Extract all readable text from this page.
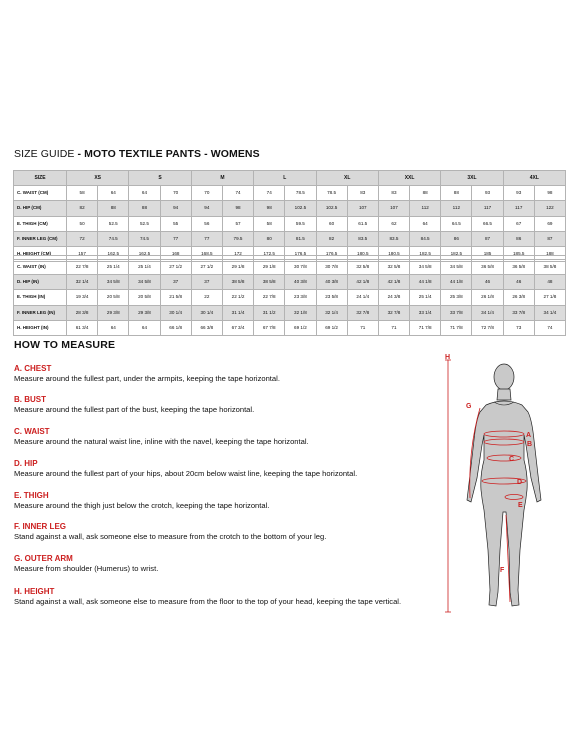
SIZE GUIDE - MOTO TEXTILE PANTS - WOMENS
SIZE	XS		S		M		L		XL		XXL		3XL		4XL	
C. WAIST (CM)	58	64	64	70	70	74	74	78.5	78.5	83	83	88	88	93	93	98
D. HIP (CM)	82	88	88	94	94	98	98	102.5	102.5	107	107	112	112	117	117	122
E. THIGH (CM)	50	52.5	52.5	55	56	57	58	59.5	60	61.5	62	64	64.5	66.5	67	69
F. INNER LEG (CM)	72	74.5	74.5	77	77	79.5	80	81.5	82	83.5	83.5	84.5	86	87	86	87
H. HEIGHT (CM)	157	162.5	162.5	168	168.5	172	172.5	176.5	176.5	180.5	180.5	182.5	182.5	185	185.5	188
C. WAIST (IN)	22 7/8	25 1/4	25 1/4	27 1/2	27 1/2	29 1/8	29 1/8	30 7/8	30 7/8	32 5/8	32 5/8	34 5/8	34 5/8	36 5/8	36 5/8	38 5/8
D. HIP (IN)	32 1/4	34 5/8	34 5/8	37	37	38 5/8	38 5/8	40 3/8	40 3/8	42 1/8	42 1/8	44 1/8	44 1/8	46	46	48
E. THIGH (IN)	19 3/4	20 5/8	20 5/8	21 5/8	22	22 1/2	22 7/8	23 3/8	23 5/8	24 1/4	24 3/8	25 1/4	25 3/8	26 1/8	26 3/8	27 1/8
F. INNER LEG (IN)	28 3/8	29 3/8	29 3/8	30 1/4	30 1/4	31 1/4	31 1/2	32 1/8	32 1/4	32 7/8	32 7/8	33 1/4	33 7/8	34 1/4	33 7/8	34 1/4
H. HEIGHT (IN)	61 3/4	64	64	66 1/8	66 3/8	67 3/4	67 7/8	69 1/2	69 1/2	71	71	71 7/8	71 7/8	72 7/8	73	74
HOW TO MEASURE
A. CHEST
Measure around the fullest part, under the armpits, keeping the tape horizontal.
B. BUST
Measure around the fullest part of the bust, keeping the tape horizontal.
C. WAIST
Measure around the natural waist line, inline with the navel, keeping the tape horizontal.
D. HIP
Measure around the fullest part of your hips, about 20cm below waist line, keeping the tape horizontal.
E. THIGH
Measure around the thigh just below the crotch, keeping the tape horizontal.
F. INNER LEG
Stand against a wall, ask someone else to measure from the crotch to the bottom of your leg.
G. OUTER ARM
Measure from shoulder (Humerus) to wrist.
H. HEIGHT
Stand against a wall, ask someone else to measure from the floor to the top of your head, keeping the tape vertical.
H
G
A
B
C
D
E
F
